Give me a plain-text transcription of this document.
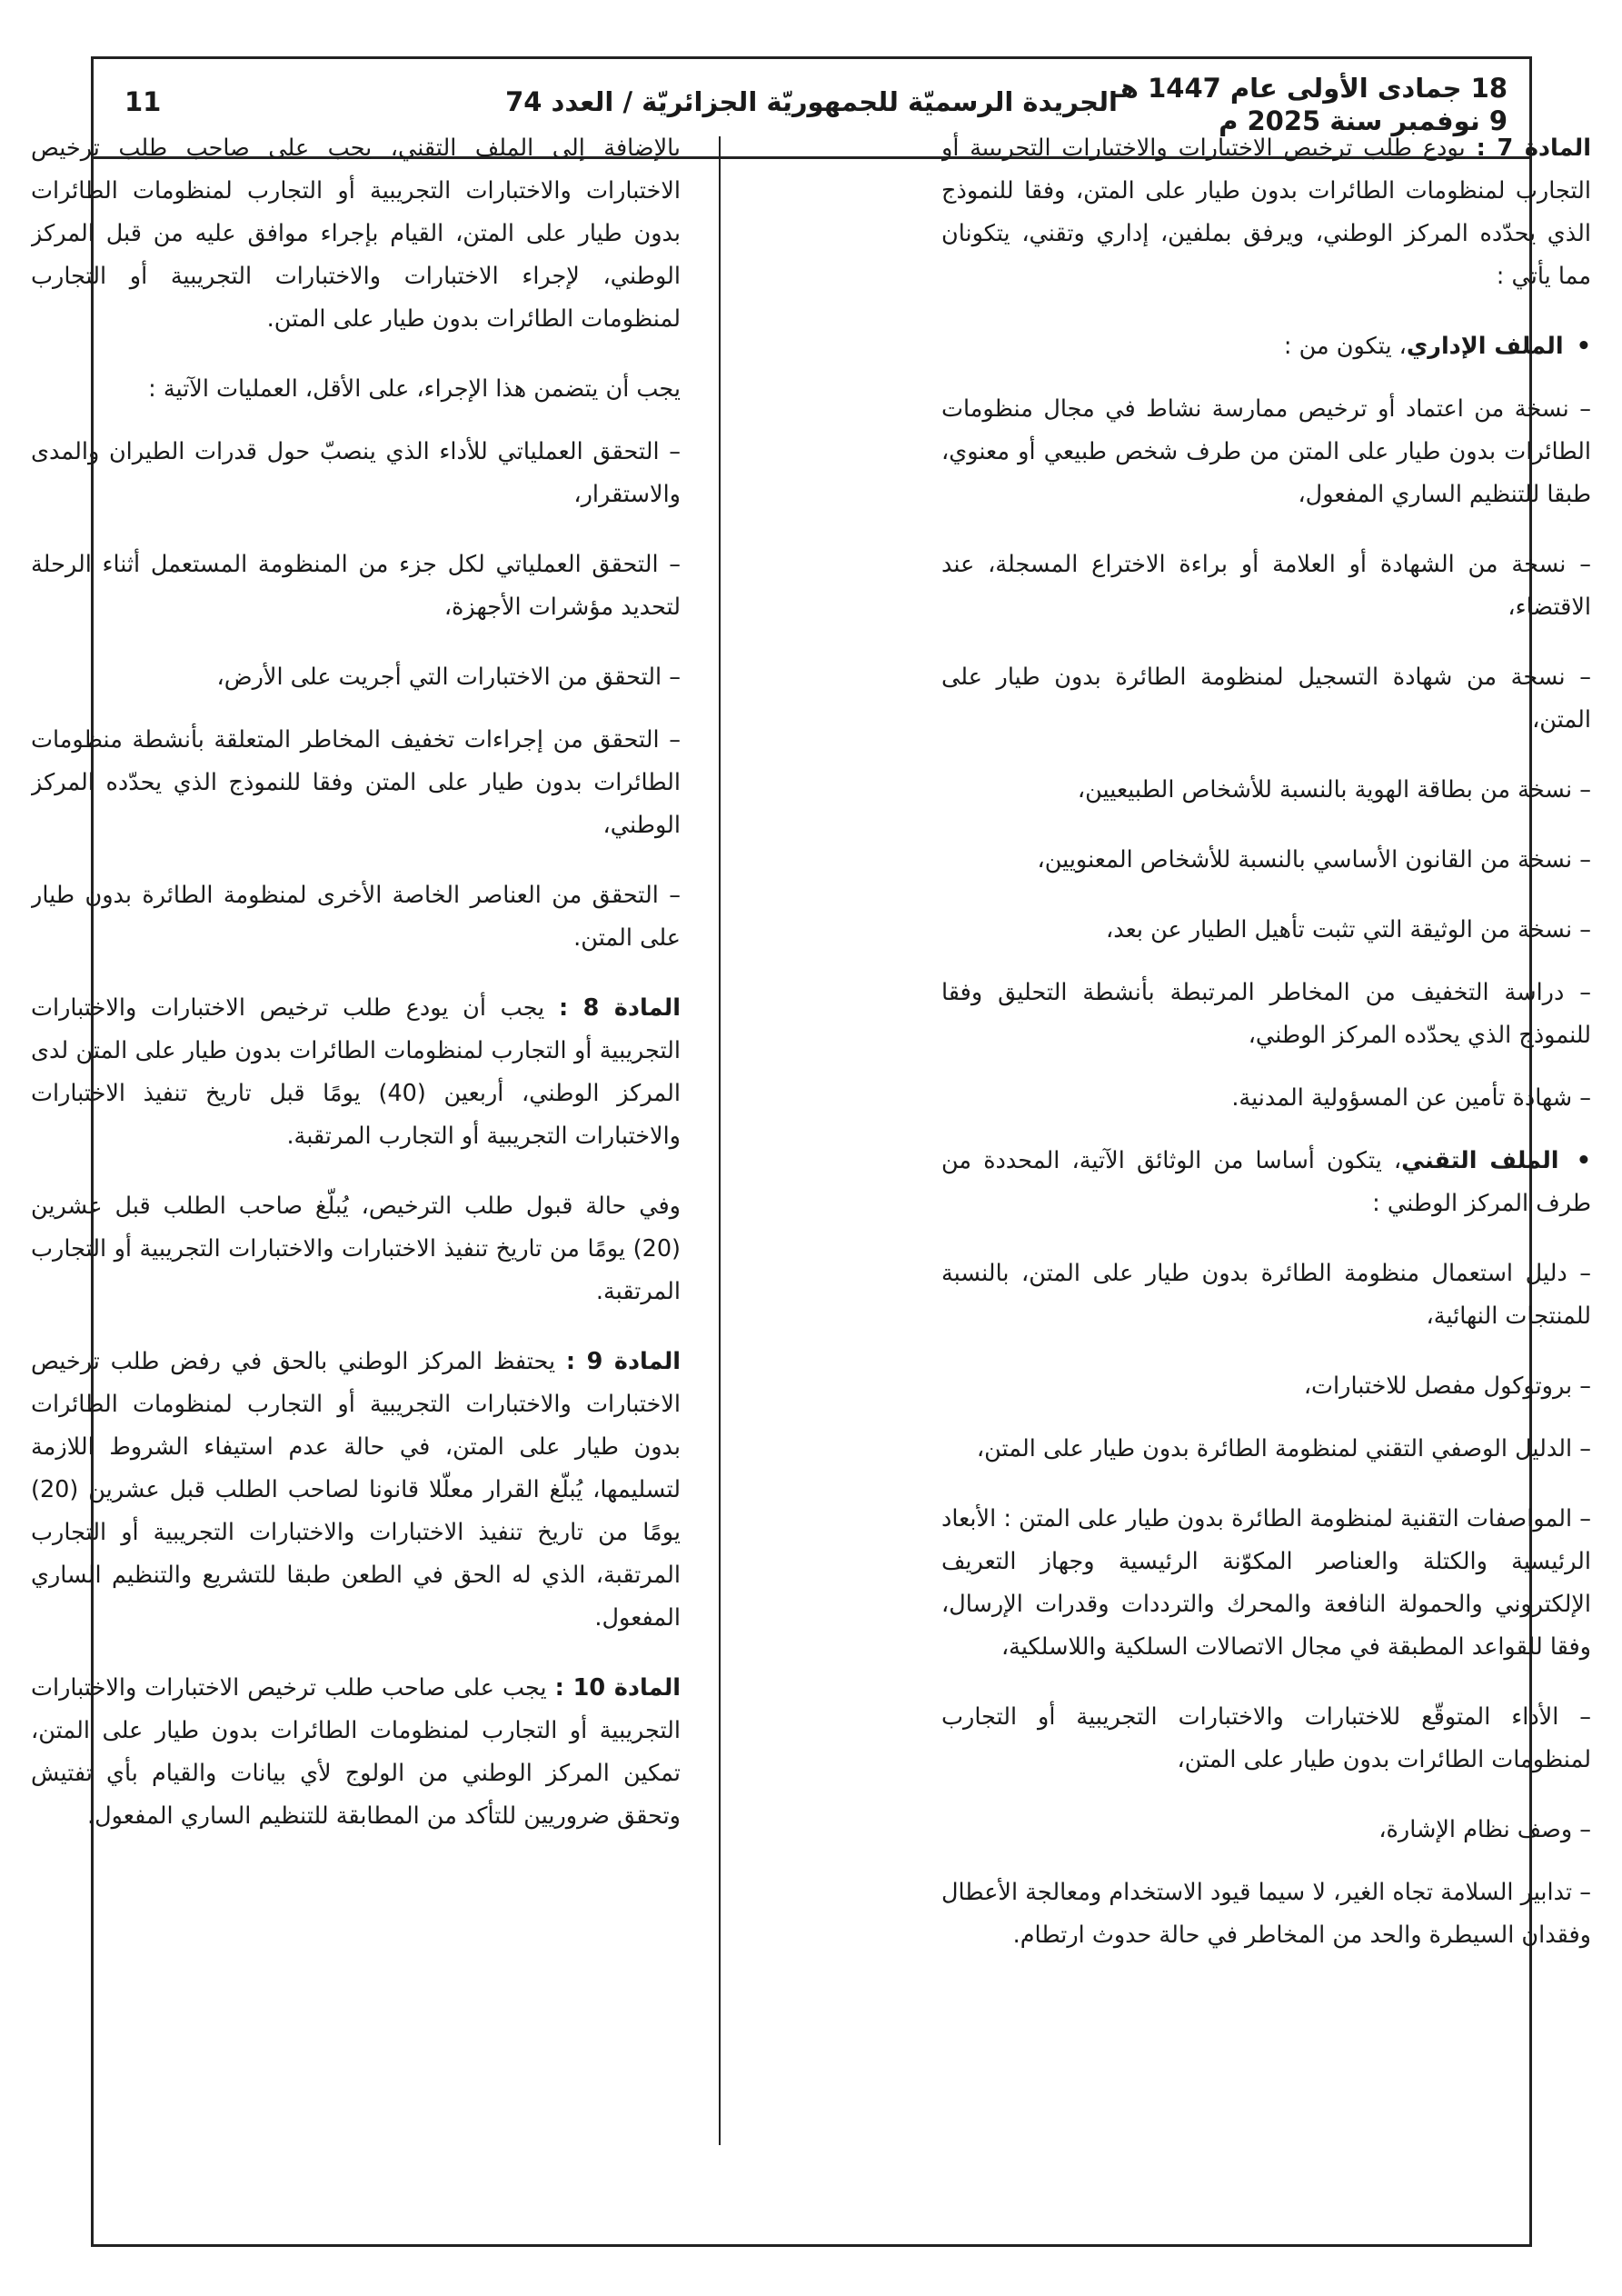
18 جمادى الأولى عام 1447 هـ
9 نوفمبر سنة 2025 م
الجريدة الرسميّة للجمهوريّة الجزائريّة / العدد 74
11

المادة 7 : يودع طلب ترخيص الاختبارات والاختبارات التجريبية أو التجارب لمنظومات الطائرات بدون طيار على المتن، وفقا للنموذج الذي يحدّده المركز الوطني، ويرفق بملفين، إداري وتقني، يتكونان مما يأتي :

• الملف الإداري، يتكون من :

– نسخة من اعتماد أو ترخيص ممارسة نشاط في مجال منظومات الطائرات بدون طيار على المتن من طرف شخص طبيعي أو معنوي، طبقا للتنظيم الساري المفعول،

– نسخة من الشهادة أو العلامة أو براءة الاختراع المسجلة، عند الاقتضاء،

– نسخة من شهادة التسجيل لمنظومة الطائرة بدون طيار على المتن،

– نسخة من بطاقة الهوية بالنسبة للأشخاص الطبيعيين،

– نسخة من القانون الأساسي بالنسبة للأشخاص المعنويين،

– نسخة من الوثيقة التي تثبت تأهيل الطيار عن بعد،

– دراسة التخفيف من المخاطر المرتبطة بأنشطة التحليق وفقا للنموذج الذي يحدّده المركز الوطني،

– شهادة تأمين عن المسؤولية المدنية.

• الملف التقني، يتكون أساسا من الوثائق الآتية، المحددة من طرف المركز الوطني :

– دليل استعمال منظومة الطائرة بدون طيار على المتن، بالنسبة للمنتجات النهائية،

– بروتوكول مفصل للاختبارات،

– الدليل الوصفي التقني لمنظومة الطائرة بدون طيار على المتن،

– المواصفات التقنية لمنظومة الطائرة بدون طيار على المتن : الأبعاد الرئيسية والكتلة والعناصر المكوّنة الرئيسية وجهاز التعريف الإلكتروني والحمولة النافعة والمحرك والترددات وقدرات الإرسال، وفقا للقواعد المطبقة في مجال الاتصالات السلكية واللاسلكية،

– الأداء المتوقّع للاختبارات والاختبارات التجريبية أو التجارب لمنظومات الطائرات بدون طيار على المتن،

– وصف نظام الإشارة،

– تدابير السلامة تجاه الغير، لا سيما قيود الاستخدام ومعالجة الأعطال وفقدان السيطرة والحد من المخاطر في حالة حدوث ارتطام.

بالإضافة إلى الملف التقني، يجب على صاحب طلب ترخيص الاختبارات والاختبارات التجريبية أو التجارب لمنظومات الطائرات بدون طيار على المتن، القيام بإجراء موافق عليه من قبل المركز الوطني، لإجراء الاختبارات والاختبارات التجريبية أو التجارب لمنظومات الطائرات بدون طيار على المتن.

يجب أن يتضمن هذا الإجراء، على الأقل، العمليات الآتية :

– التحقق العملياتي للأداء الذي ينصبّ حول قدرات الطيران والمدى والاستقرار،

– التحقق العملياتي لكل جزء من المنظومة المستعمل أثناء الرحلة لتحديد مؤشرات الأجهزة،

– التحقق من الاختبارات التي أجريت على الأرض،

– التحقق من إجراءات تخفيف المخاطر المتعلقة بأنشطة منظومات الطائرات بدون طيار على المتن وفقا للنموذج الذي يحدّده المركز الوطني،

– التحقق من العناصر الخاصة الأخرى لمنظومة الطائرة بدون طيار على المتن.

المادة 8 : يجب أن يودع طلب ترخيص الاختبارات والاختبارات التجريبية أو التجارب لمنظومات الطائرات بدون طيار على المتن لدى المركز الوطني، أربعين (40) يومًا قبل تاريخ تنفيذ الاختبارات والاختبارات التجريبية أو التجارب المرتقبة.

وفي حالة قبول طلب الترخيص، يُبلّغ صاحب الطلب قبل عشرين (20) يومًا من تاريخ تنفيذ الاختبارات والاختبارات التجريبية أو التجارب المرتقبة.

المادة 9 : يحتفظ المركز الوطني بالحق في رفض طلب ترخيص الاختبارات والاختبارات التجريبية أو التجارب لمنظومات الطائرات بدون طيار على المتن، في حالة عدم استيفاء الشروط اللازمة لتسليمها، يُبلّغ القرار معلّلا قانونا لصاحب الطلب قبل عشرين (20) يومًا من تاريخ تنفيذ الاختبارات والاختبارات التجريبية أو التجارب المرتقبة، الذي له الحق في الطعن طبقا للتشريع والتنظيم الساري المفعول.

المادة 10 : يجب على صاحب طلب ترخيص الاختبارات والاختبارات التجريبية أو التجارب لمنظومات الطائرات بدون طيار على المتن، تمكين المركز الوطني من الولوج لأي بيانات والقيام بأي تفتيش وتحقق ضروريين للتأكد من المطابقة للتنظيم الساري المفعول.
